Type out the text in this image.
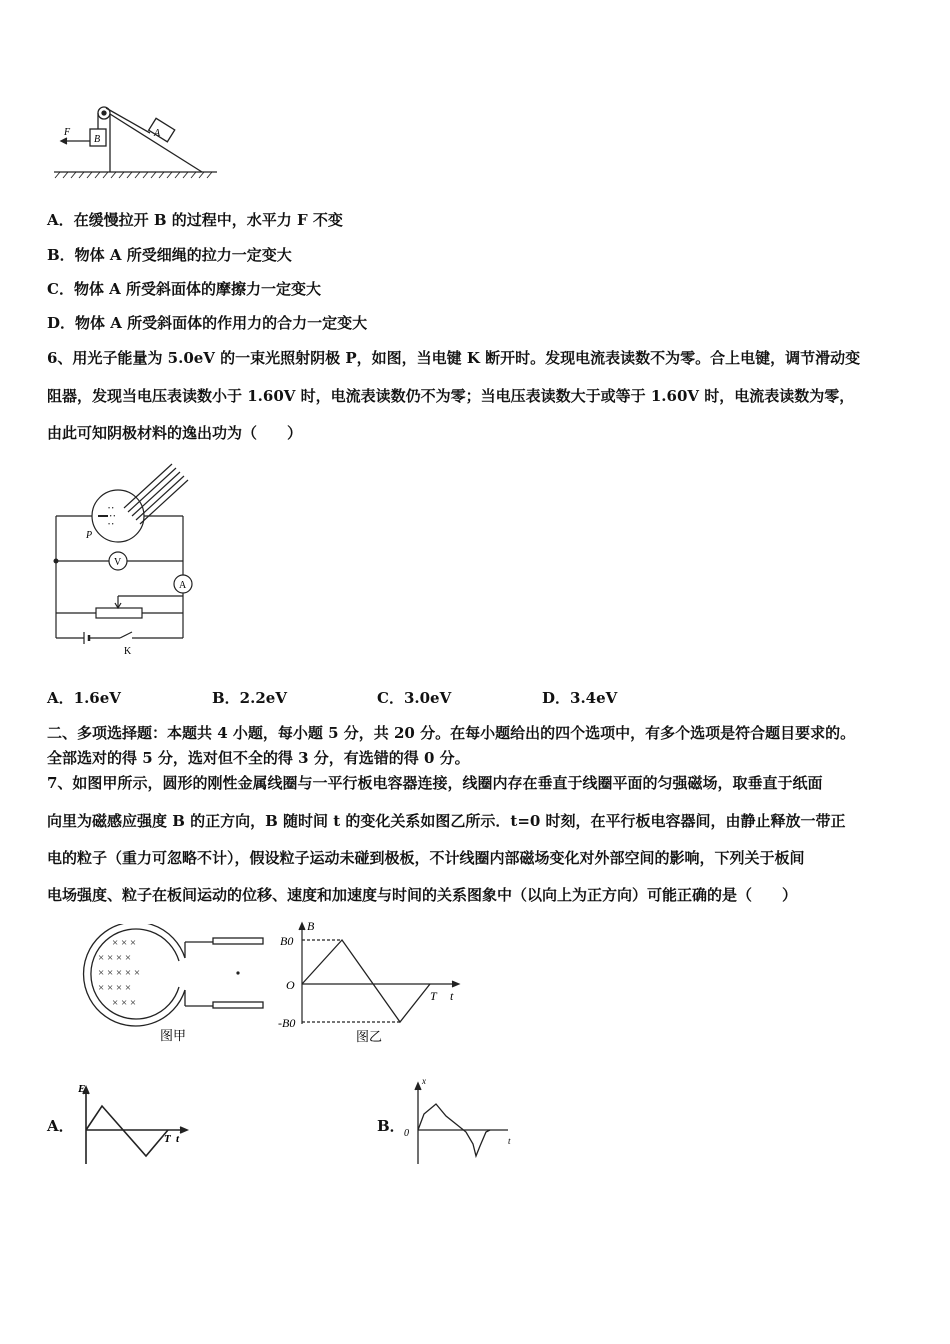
F
B
A
A．在缓慢拉开 B 的过程中，水平力 F 不变
B．物体 A 所受细绳的拉力一定变大
C．物体 A 所受斜面体的摩擦力一定变大
D．物体 A 所受斜面体的作用力的合力一定变大
6、用光子能量为 5.0eV 的一束光照射阴极 P，如图，当电键 K 断开时。发现电流表读数不为零。合上电键，调节滑动变
阻器，发现当电压表读数小于 1.60V 时，电流表读数仍不为零；当电压表读数大于或等于 1.60V 时，电流表读数为零，
由此可知阴极材料的逸出功为（　　）
• •
• • •
• •
P
V
A
K
A．1.6eV	B．2.2eV	C．3.0eV	D．3.4eV
二、多项选择题：本题共 4 小题，每小题 5 分，共 20 分。在每小题给出的四个选项中，有多个选项是符合题目要求的。
全部选对的得 5 分，选对但不全的得 3 分，有选错的得 0 分。
7、如图甲所示，圆形的刚性金属线圈与一平行板电容器连接，线圈内存在垂直于线圈平面的匀强磁场，取垂直于纸面
向里为磁感应强度 B 的正方向，B 随时间 t 的变化关系如图乙所示．t=0 时刻，在平行板电容器间，由静止释放一带正
电的粒子（重力可忽略不计），假设粒子运动未碰到极板，不计线圈内部磁场变化对外部空间的影响，下列关于板间
电场强度、粒子在板间运动的位移、速度和加速度与时间的关系图象中（以向上为正方向）可能正确的是（　　）
× × ×
× × × ×
× × × × ×
× × × ×
× × ×
图甲
B
B0
O
-B0
T t
图乙
A．
E
T t
B．
x
0
t
